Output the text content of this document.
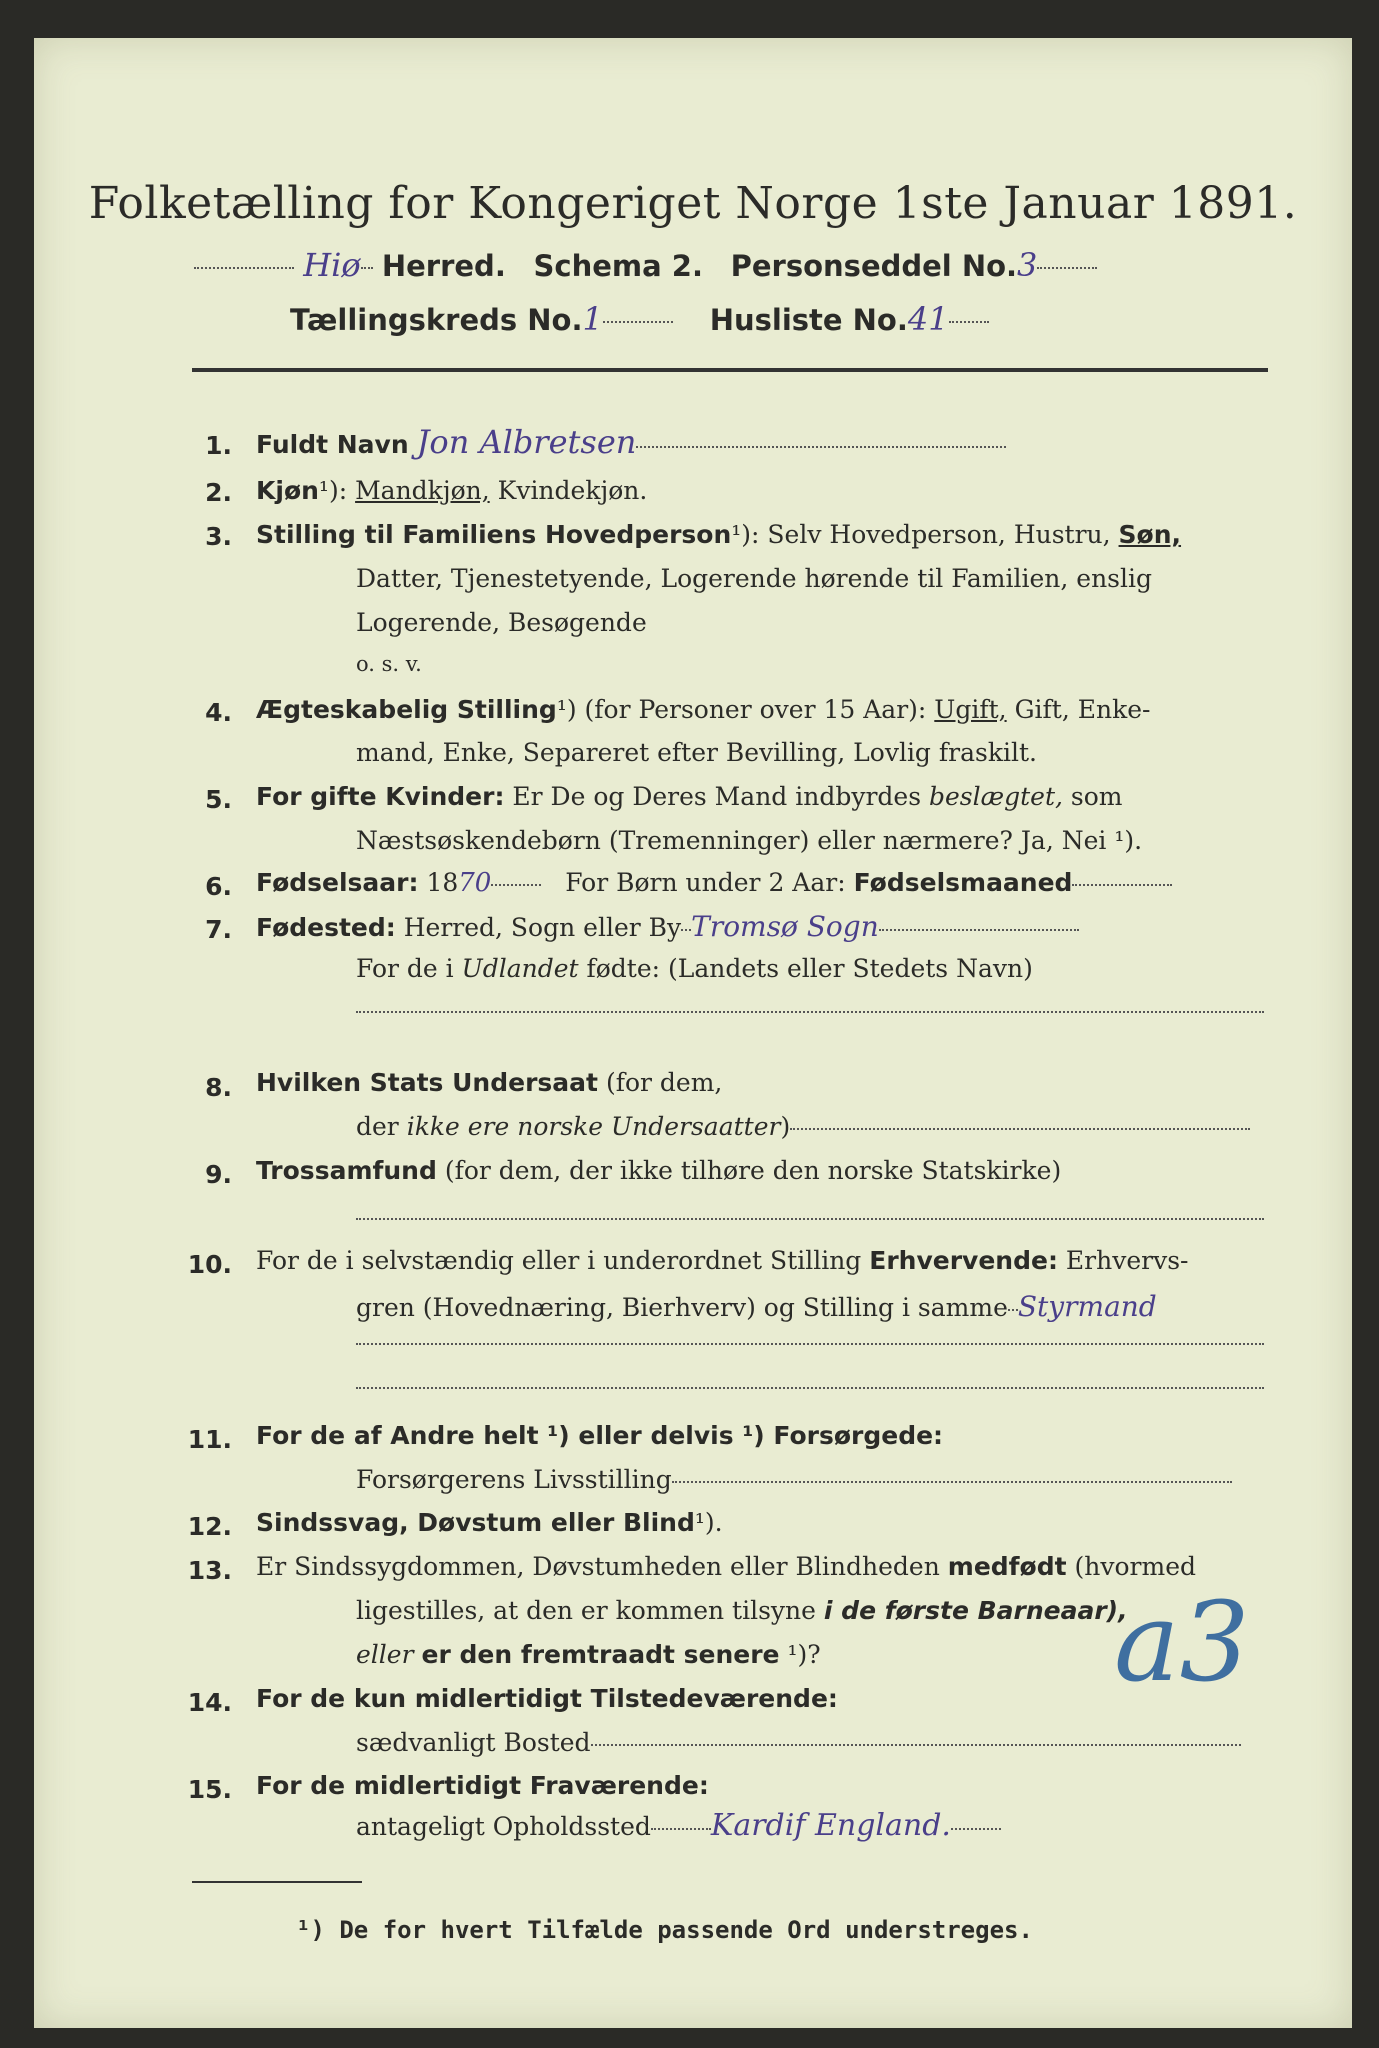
Folketælling for Kongeriget Norge 1ste Januar 1891.
Hiø Herred. Schema 2. Personseddel No.3
Tællingskreds No.1	Husliste No.41
1. Fuldt Navn Jon Albretsen
2. Kjøn¹): Mandkjøn, Kvindekjøn.
3. Stilling til Familiens Hovedperson¹): Selv Hovedperson, Hustru, Søn,
Datter, Tjenestetyende, Logerende hørende til Familien, enslig
Logerende, Besøgende
o. s. v.
4. Ægteskabelig Stilling¹) (for Personer over 15 Aar): Ugift, Gift, Enke-
mand, Enke, Separeret efter Bevilling, Lovlig fraskilt.
5. For gifte Kvinder: Er De og Deres Mand indbyrdes beslægtet, som
Næstsøskendebørn (Tremenninger) eller nærmere? Ja, Nei ¹).
6. Fødselsaar: 1870	For Børn under 2 Aar: Fødselsmaaned
7. Fødested: Herred, Sogn eller By Tromsø Sogn
For de i Udlandet fødte: (Landets eller Stedets Navn)
8. Hvilken Stats Undersaat (for dem,
der ikke ere norske Undersaatter)
9. Trossamfund (for dem, der ikke tilhøre den norske Statskirke)
10. For de i selvstændig eller i underordnet Stilling Erhvervende: Erhvervs-
gren (Hovednæring, Bierhverv) og Stilling i samme Styrmand
11. For de af Andre helt ¹) eller delvis ¹) Forsørgede:
Forsørgerens Livsstilling
12. Sindssvag, Døvstum eller Blind¹).
13. Er Sindssygdommen, Døvstumheden eller Blindheden medfødt (hvormed
ligestilles, at den er kommen tilsyne i de første Barneaar),
eller er den fremtraadt senere ¹)?	a3
14. For de kun midlertidigt Tilstedeværende:
sædvanligt Bosted
15. For de midlertidigt Fraværende:
antageligt Opholdssted Kardif England.
¹) De for hvert Tilfælde passende Ord understreges.
